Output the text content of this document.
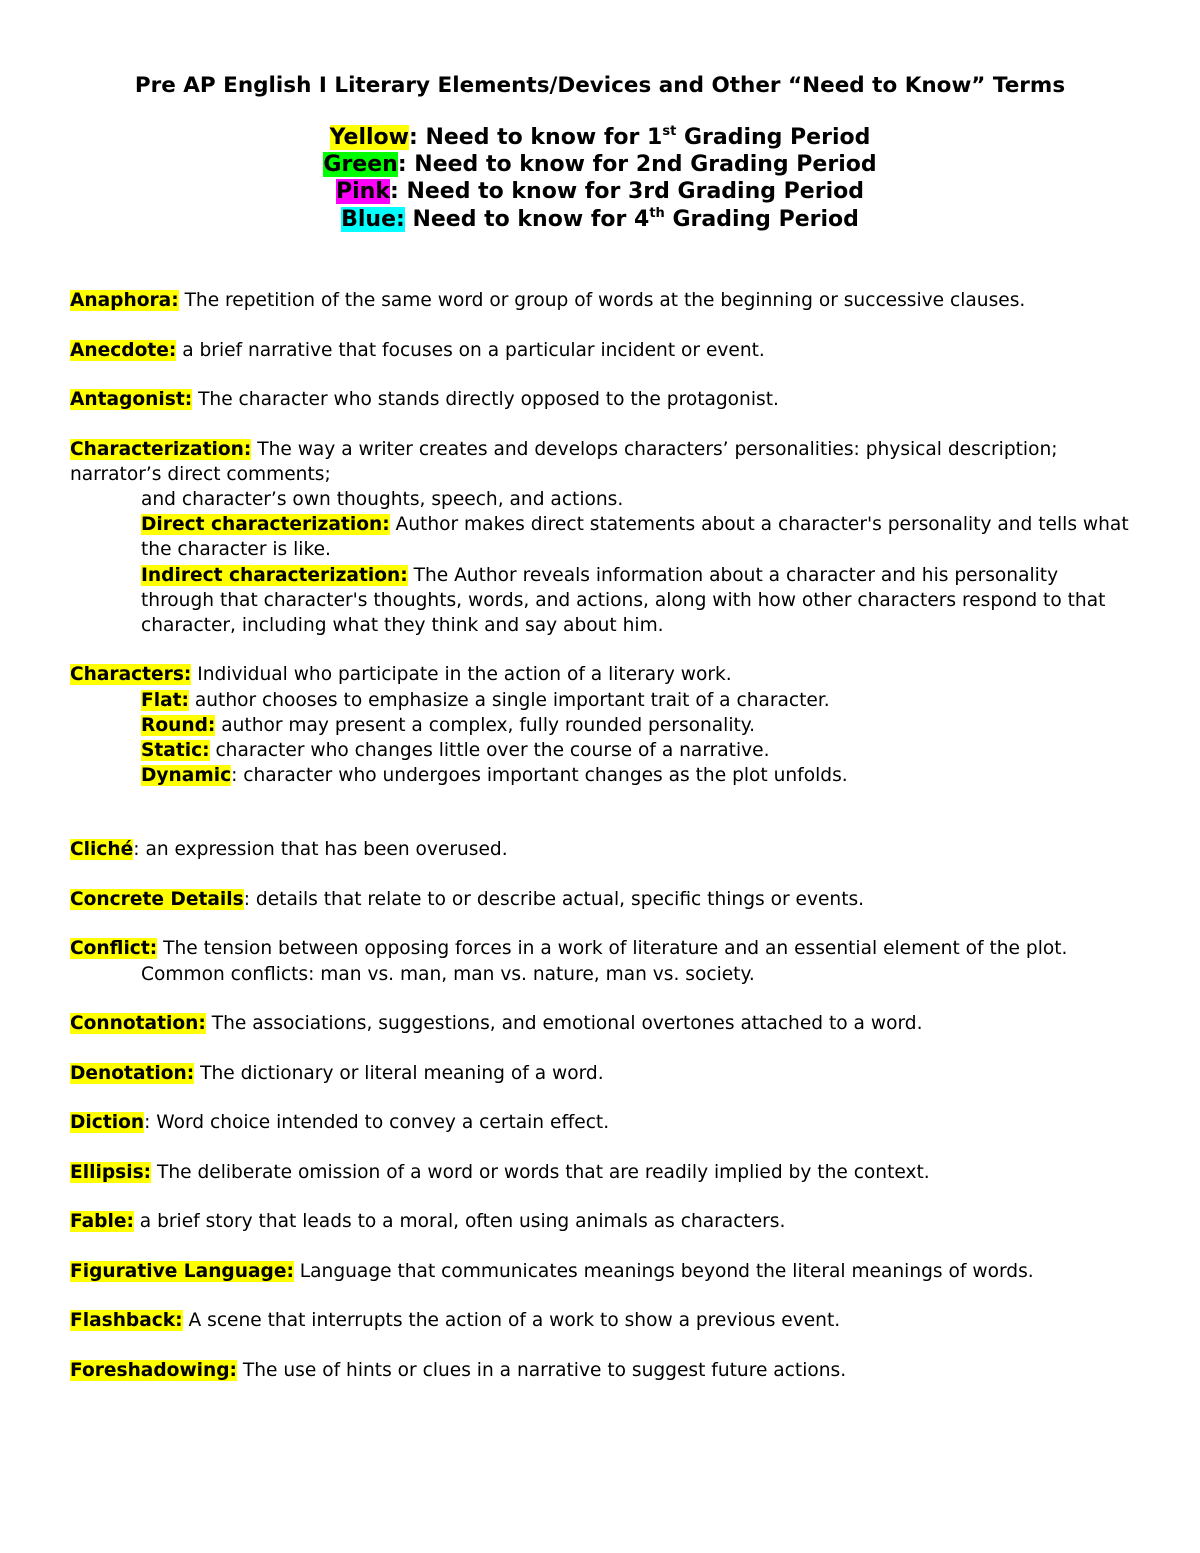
Pre AP English I Literary Elements/Devices and Other “Need to Know” Terms
Yellow: Need to know for 1st Grading Period
Green: Need to know for 2nd Grading Period
Pink: Need to know for 3rd Grading Period
Blue: Need to know for 4th Grading Period

Anaphora: The repetition of the same word or group of words at the beginning or successive clauses.

Anecdote: a brief narrative that focuses on a particular incident or event.

Antagonist: The character who stands directly opposed to the protagonist.

Characterization: The way a writer creates and develops characters’ personalities: physical description; narrator’s direct comments;

and character’s own thoughts, speech, and actions.

Direct characterization: Author makes direct statements about a character's personality and tells what the character is like.

Indirect characterization: The Author reveals information about a character and his personality through that character's thoughts, words, and actions, along with how other characters respond to that character, including what they think and say about him.

Characters: Individual who participate in the action of a literary work.

Flat: author chooses to emphasize a single important trait of a character.

Round: author may present a complex, fully rounded personality.

Static: character who changes little over the course of a narrative.

Dynamic: character who undergoes important changes as the plot unfolds.

Cliché: an expression that has been overused.

Concrete Details: details that relate to or describe actual, specific things or events.

Conflict: The tension between opposing forces in a work of literature and an essential element of the plot.

Common conflicts: man vs. man, man vs. nature, man vs. society.

Connotation: The associations, suggestions, and emotional overtones attached to a word.

Denotation: The dictionary or literal meaning of a word.

Diction: Word choice intended to convey a certain effect.

Ellipsis: The deliberate omission of a word or words that are readily implied by the context.

Fable: a brief story that leads to a moral, often using animals as characters.

Figurative Language: Language that communicates meanings beyond the literal meanings of words.

Flashback: A scene that interrupts the action of a work to show a previous event.

Foreshadowing: The use of hints or clues in a narrative to suggest future actions.
